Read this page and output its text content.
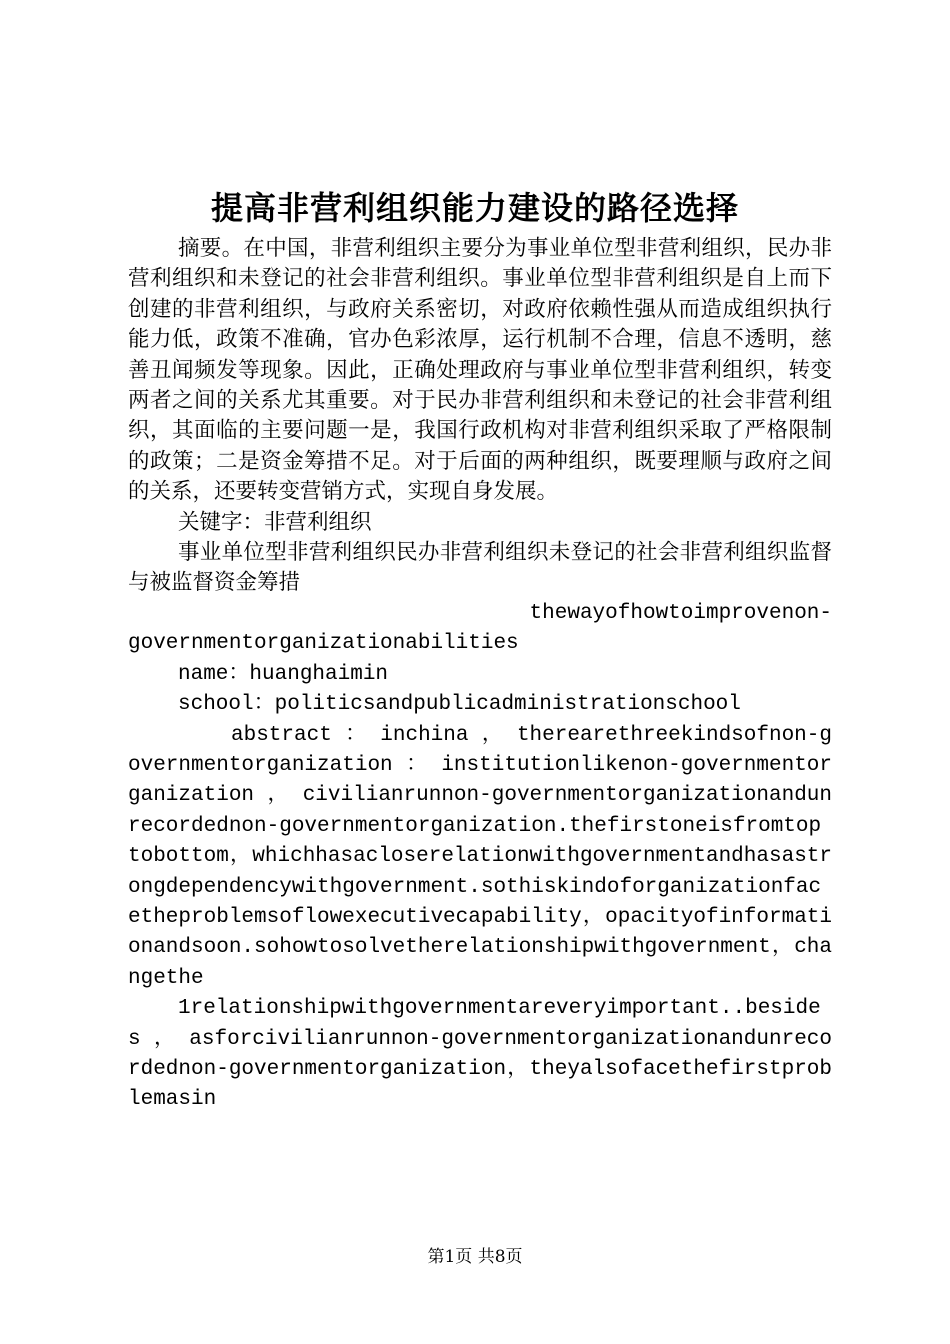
提高非营利组织能力建设的路径选择

摘要。在中国，非营利组织主要分为事业单位型非营利组织，民办非营利组织和未登记的社会非营利组织。事业单位型非营利组织是自上而下创建的非营利组织，与政府关系密切，对政府依赖性强从而造成组织执行能力低，政策不准确，官办色彩浓厚，运行机制不合理，信息不透明，慈善丑闻频发等现象。因此，正确处理政府与事业单位型非营利组织，转变两者之间的关系尤其重要。对于民办非营利组织和未登记的社会非营利组织，其面临的主要问题一是，我国行政机构对非营利组织采取了严格限制的政策；二是资金筹措不足。对于后面的两种组织，既要理顺与政府之间的关系，还要转变营销方式，实现自身发展。

关键字：非营利组织

事业单位型非营利组织民办非营利组织未登记的社会非营利组织监督与被监督资金筹措

thewayofhowtoimprovenon-

governmentorganizationabilities

name：huanghaimin

school：politicsandpublicadministrationschool

abstract ： inchina ， therearethreekindsofnon-governmentorganization ： institutionlikenon-governmentorganization ， civilianrunnon-governmentorganizationandunrecordednon-governmentorganization.thefirstoneisfromtoptobottom，whichhasacloserelationwithgovernmentandhasastrongdependencywithgovernment.sothiskindoforganizationfacetheproblemsoflowexecutivecapability，opacityofinformationandsoon.sohowtosolvetherelationshipwithgovernment，changethe

1relationshipwithgovernmentareveryimportant..besides ， asforcivilianrunnon-governmentorganizationandunrecordednon-governmentorganization，theyalsofacethefirstproblemasin

第1页 共8页
